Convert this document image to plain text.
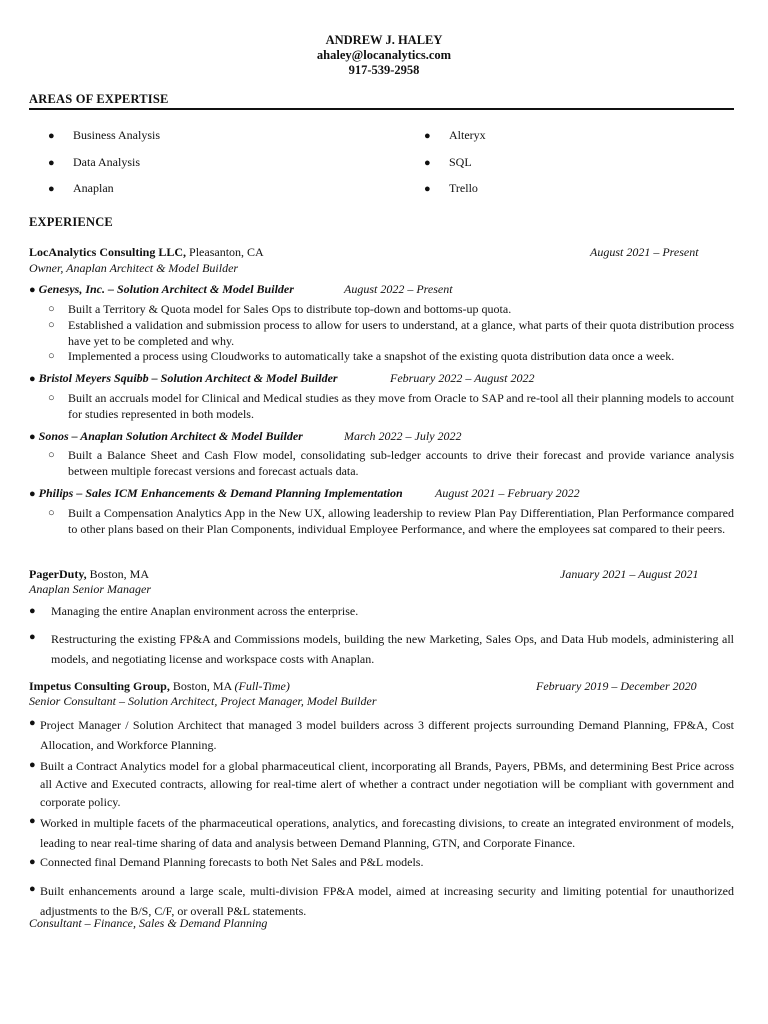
ANDREW J. HALEY
ahaley@locanalytics.com
917-539-2958
AREAS OF EXPERTISE
● Business Analysis
● Data Analysis
● Anaplan
● Alteryx
● SQL
● Trello
EXPERIENCE
LocAnalytics Consulting LLC, Pleasanton, CA	August 2021 – Present
Owner, Anaplan Architect & Model Builder
● Genesys, Inc. – Solution Architect & Model Builder	August 2022 – Present
○ Built a Territory & Quota model for Sales Ops to distribute top-down and bottoms-up quota.
○ Established a validation and submission process to allow for users to understand, at a glance, what parts of their quota distribution process have yet to be completed and why.
○ Implemented a process using Cloudworks to automatically take a snapshot of the existing quota distribution data once a week.
● Bristol Meyers Squibb – Solution Architect & Model Builder	February 2022 – August 2022
○ Built an accruals model for Clinical and Medical studies as they move from Oracle to SAP and re-tool all their planning models to account for studies represented in both models.
● Sonos – Anaplan Solution Architect & Model Builder	March 2022 – July 2022
○ Built a Balance Sheet and Cash Flow model, consolidating sub-ledger accounts to drive their forecast and provide variance analysis between multiple forecast versions and forecast actuals data.
● Philips – Sales ICM Enhancements & Demand Planning Implementation	August 2021 – February 2022
○ Built a Compensation Analytics App in the New UX, allowing leadership to review Plan Pay Differentiation, Plan Performance compared to other plans based on their Plan Components, individual Employee Performance, and where the employees sat compared to their peers.
PagerDuty, Boston, MA	January 2021 – August 2021
Anaplan Senior Manager
● Managing the entire Anaplan environment across the enterprise.
● Restructuring the existing FP&A and Commissions models, building the new Marketing, Sales Ops, and Data Hub models, administering all models, and negotiating license and workspace costs with Anaplan.
Impetus Consulting Group, Boston, MA (Full-Time)	February 2019 – December 2020
Senior Consultant – Solution Architect, Project Manager, Model Builder
● Project Manager / Solution Architect that managed 3 model builders across 3 different projects surrounding Demand Planning, FP&A, Cost Allocation, and Workforce Planning.
● Built a Contract Analytics model for a global pharmaceutical client, incorporating all Brands, Payers, PBMs, and determining Best Price across all Active and Executed contracts, allowing for real-time alert of whether a contract under negotiation will be compliant with government and corporate policy.
● Worked in multiple facets of the pharmaceutical operations, analytics, and forecasting divisions, to create an integrated environment of models, leading to near real-time sharing of data and analysis between Demand Planning, GTN, and Corporate Finance.
● Connected final Demand Planning forecasts to both Net Sales and P&L models.
● Built enhancements around a large scale, multi-division FP&A model, aimed at increasing security and limiting potential for unauthorized adjustments to the B/S, C/F, or overall P&L statements.
Consultant – Finance, Sales & Demand Planning
